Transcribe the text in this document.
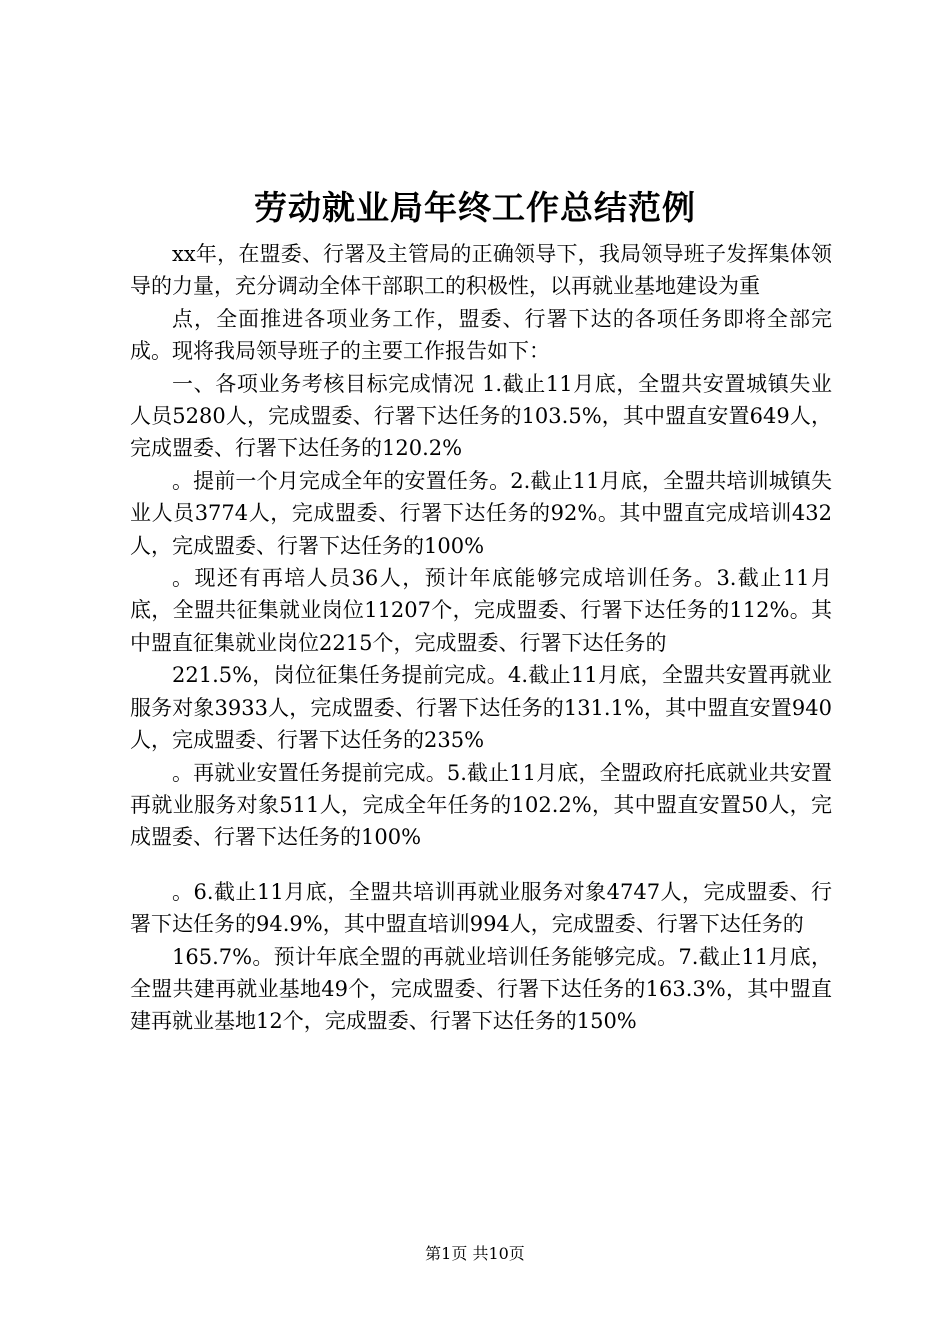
劳动就业局年终工作总结范例

xx年，在盟委、行署及主管局的正确领导下，我局领导班子发挥集体领导的力量，充分调动全体干部职工的积极性，以再就业基地建设为重

点，全面推进各项业务工作，盟委、行署下达的各项任务即将全部完成。现将我局领导班子的主要工作报告如下：

一、各项业务考核目标完成情况 1.截止11月底，全盟共安置城镇失业人员5280人，完成盟委、行署下达任务的103.5%，其中盟直安置649人，完成盟委、行署下达任务的120.2%

。提前一个月完成全年的安置任务。2.截止11月底，全盟共培训城镇失业人员3774人，完成盟委、行署下达任务的92%。其中盟直完成培训432人，完成盟委、行署下达任务的100%

。现还有再培人员36人，预计年底能够完成培训任务。3.截止11月底，全盟共征集就业岗位11207个，完成盟委、行署下达任务的112%。其中盟直征集就业岗位2215个，完成盟委、行署下达任务的

221.5%，岗位征集任务提前完成。4.截止11月底，全盟共安置再就业服务对象3933人，完成盟委、行署下达任务的131.1%，其中盟直安置940人，完成盟委、行署下达任务的235%

。再就业安置任务提前完成。5.截止11月底，全盟政府托底就业共安置再就业服务对象511人，完成全年任务的102.2%，其中盟直安置50人，完成盟委、行署下达任务的100%

。6.截止11月底，全盟共培训再就业服务对象4747人，完成盟委、行署下达任务的94.9%，其中盟直培训994人，完成盟委、行署下达任务的

165.7%。预计年底全盟的再就业培训任务能够完成。7.截止11月底，全盟共建再就业基地49个，完成盟委、行署下达任务的163.3%，其中盟直建再就业基地12个，完成盟委、行署下达任务的150%

第1页 共10页
